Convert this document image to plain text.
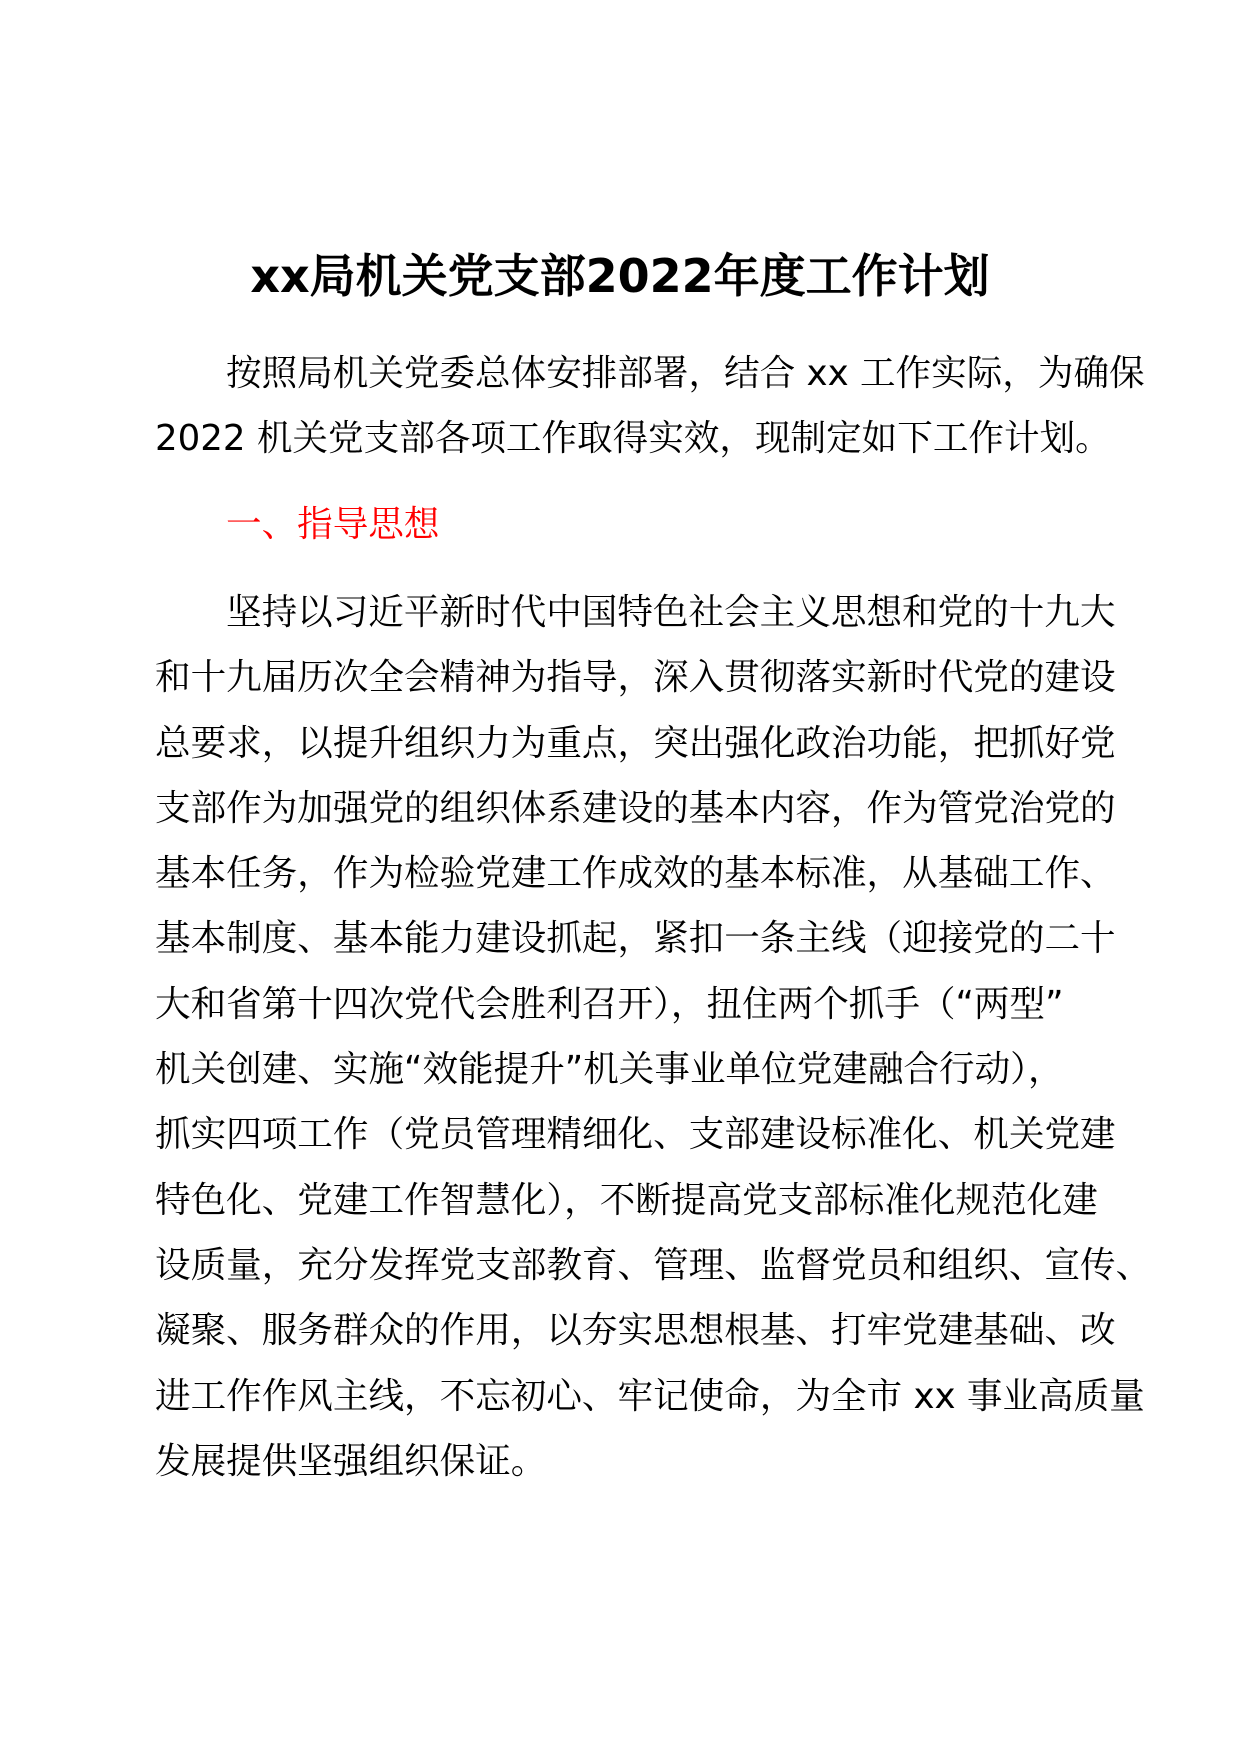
xx局机关党支部2022年度工作计划
按照局机关党委总体安排部署，结合 xx 工作实际，为确保
2022 机关党支部各项工作取得实效，现制定如下工作计划。
一、指导思想
坚持以习近平新时代中国特色社会主义思想和党的十九大
和十九届历次全会精神为指导，深入贯彻落实新时代党的建设
总要求，以提升组织力为重点，突出强化政治功能，把抓好党
支部作为加强党的组织体系建设的基本内容，作为管党治党的
基本任务，作为检验党建工作成效的基本标准，从基础工作、
基本制度、基本能力建设抓起，紧扣一条主线（迎接党的二十
大和省第十四次党代会胜利召开），扭住两个抓手（“两型”
机关创建、实施“效能提升”机关事业单位党建融合行动），
抓实四项工作（党员管理精细化、支部建设标准化、机关党建
特色化、党建工作智慧化），不断提高党支部标准化规范化建
设质量，充分发挥党支部教育、管理、监督党员和组织、宣传、
凝聚、服务群众的作用，以夯实思想根基、打牢党建基础、改
进工作作风主线，不忘初心、牢记使命，为全市 xx 事业高质量
发展提供坚强组织保证。
